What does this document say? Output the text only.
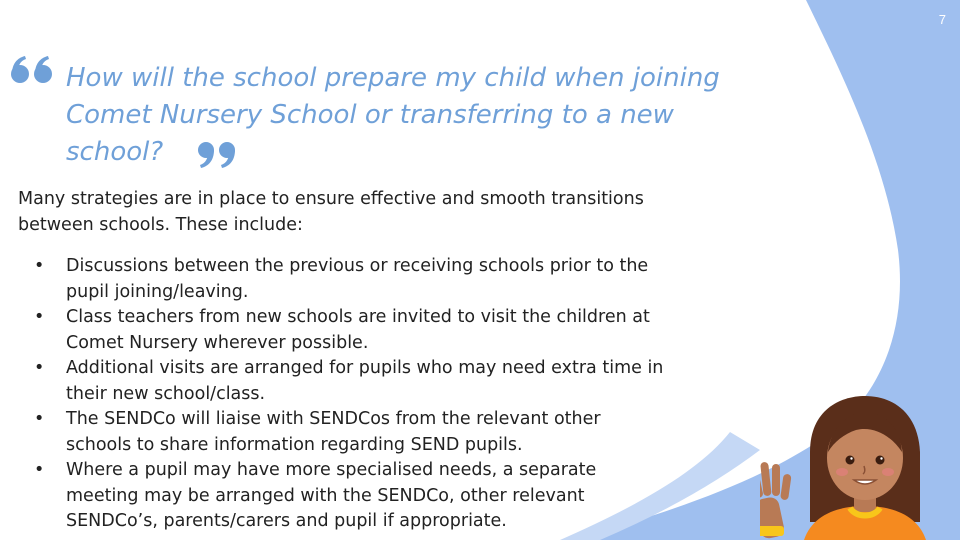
7
How will the school prepare my child when joining
Comet Nursery School or transferring to a new
school?

Many strategies are in place to ensure effective and smooth transitions
between schools. These include:

• Discussions between the previous or receiving schools prior to the
pupil joining/leaving.
• Class teachers from new schools are invited to visit the children at
Comet Nursery wherever possible.
• Additional visits are arranged for pupils who may need extra time in
their new school/class.
• The SENDCo will liaise with SENDCos from the relevant other
schools to share information regarding SEND pupils.
• Where a pupil may have more specialised needs, a separate
meeting may be arranged with the SENDCo, other relevant
SENDCo’s, parents/carers and pupil if appropriate.
